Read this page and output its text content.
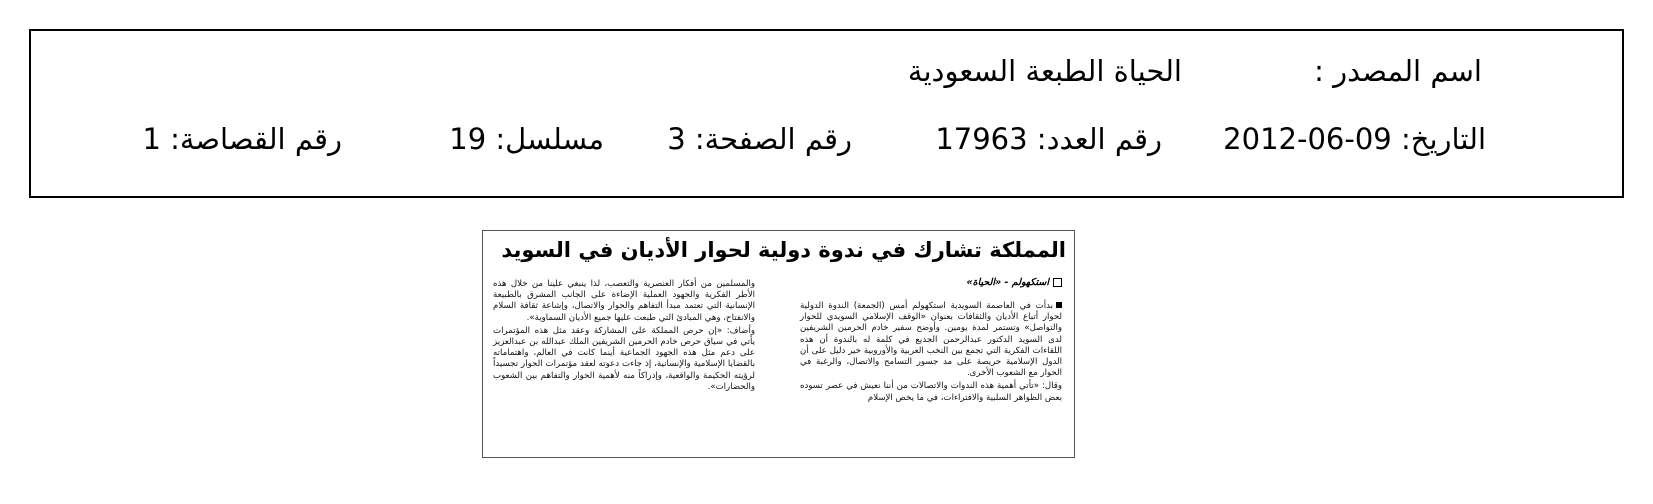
اسم المصدر :
الحياة الطبعة السعودية
التاريخ: 09-06-2012
رقم العدد: 17963
رقم الصفحة: 3
مسلسل: 19
رقم القصاصة: 1
المملكة تشارك في ندوة دولية لحوار الأديان في السويد
استكهولم - «الحياة»

بدأت في العاصمة السويدية استكهولم أمس (الجمعة) الندوة الدولية لحوار أتباع الأديان والثقافات بعنوان «الوقف الإسلامي السويدي للحوار والتواصل» وتستمر لمدة يومين. وأوضح سفير خادم الحرمين الشريفين لدى السويد الدكتور عبدالرحمن الجديع في كلمة له بالندوة أن هذه اللقاءات الفكرية التي تجمع بين النخب العربية والأوروبية خير دليل على أن الدول الإسلامية حريصة على مد جسور التسامح والاتصال، والرغبة في الحوار مع الشعوب الأخرى.

وقال: «تأتي أهمية هذه الندوات والاتصالات من أننا نعيش في عصر تسوده بعض الظواهر السلبية والافتراءات، في ما يخص الإسلام

والمسلمين من أفكار العنصرية والتعصب، لذا ينبغي علينا من خلال هذه الأطر الفكرية والجهود العملية الإضاءة على الجانب المشرق بالطبيعة الإنسانية التي تعتمد مبدأ التفاهم والحوار والاتصال، وإشاعة ثقافة السلام والانفتاح، وهي المبادئ التي طبعت عليها جميع الأديان السماوية».

وأضاف: «إن حرص المملكة على المشاركة وعقد مثل هذه المؤتمرات يأتي في سياق حرص خادم الحرمين الشريفين الملك عبدالله بن عبدالعزيز على دعم مثل هذه الجهود الجماعية أينما كانت في العالم، واهتماماته بالقضايا الإسلامية والإنسانية، إذ جاءت دعوته لعقد مؤتمرات الحوار تجسيداً لرؤيته الحكيمة والواقعية، وإدراكاً منه لأهمية الحوار والتفاهم بين الشعوب والحضارات».
